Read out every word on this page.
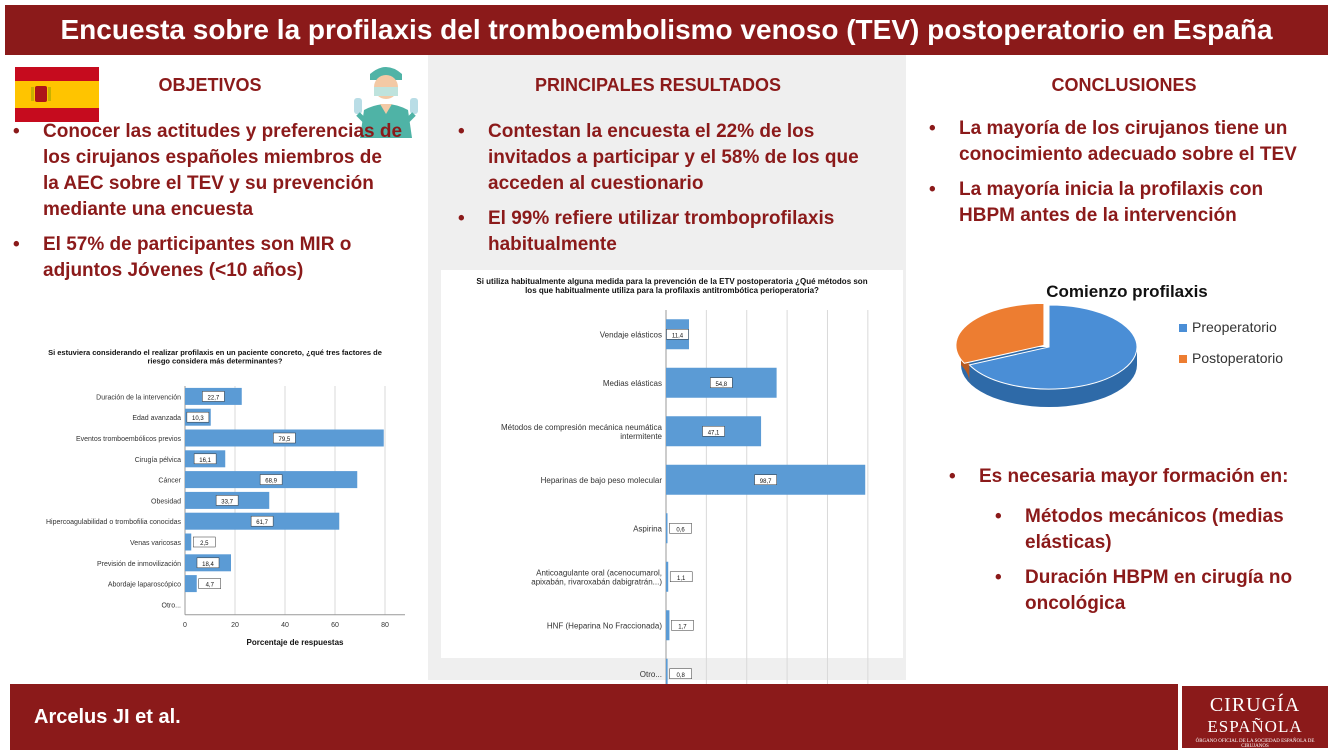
Encuesta sobre la profilaxis del tromboembolismo venoso (TEV) postoperatorio en España
OBJETIVOS
• Conocer las actitudes y preferencias de los cirujanos españoles miembros de la AEC sobre el TEV y su prevención mediante una encuesta
• El 57% de participantes son MIR o adjuntos Jóvenes (<10 años)
Si estuviera considerando el realizar profilaxis en un paciente concreto, ¿qué tres factores de riesgo considera más determinantes?
0	20	40	60	80
Porcentaje de respuestas
Duración de la intervención	22,7
Edad avanzada 10,3
Eventos tromboembólicos previos	79,5
Cirugía pélvica	16,1
Cáncer	68,9
Obesidad	33,7
Hipercoagulabilidad o trombofilia conocidas	61,7
Venas varicosas	2,5
Previsión de inmovilización	18,4
Abordaje laparoscópico	4,7
Otro...
PRINCIPALES RESULTADOS
• Contestan la encuesta el 22% de los invitados a participar y el 58% de los que acceden al cuestionario
• El 99% refiere utilizar tromboprofilaxis habitualmente
Si utiliza habitualmente alguna medida para la prevención de la ETV postoperatoria ¿Qué métodos son los que habitualmente utiliza para la profilaxis antitrombótica perioperatoria?
Vendaje elásticos 11,4
Medias elásticas	54,8
Métodos de compresión mecánica neumática intermitente	47,1
Heparinas de bajo peso molecular	98,7
Aspirina 0,6
Anticoagulante oral (acenocumarol, apixabán, rivaroxabán dabigratrán...)	1,1
HNF (Heparina No Fraccionada)	1,7
Otro... 0,8
CONCLUSIONES
• La mayoría de los cirujanos tiene un conocimiento adecuado sobre el TEV
• La mayoría inicia la profilaxis con HBPM antes de la intervención
Comienzo profilaxis
Preoperatorio
Postoperatorio
• Es necesaria mayor formación en:
• Métodos mecánicos (medias elásticas)
• Duración HBPM en cirugía no oncológica
Arcelus JI et al.
CIRUGÍA
ESPAÑOLA
ÓRGANO OFICIAL DE LA SOCIEDAD ESPAÑOLA DE CIRUJANOS
